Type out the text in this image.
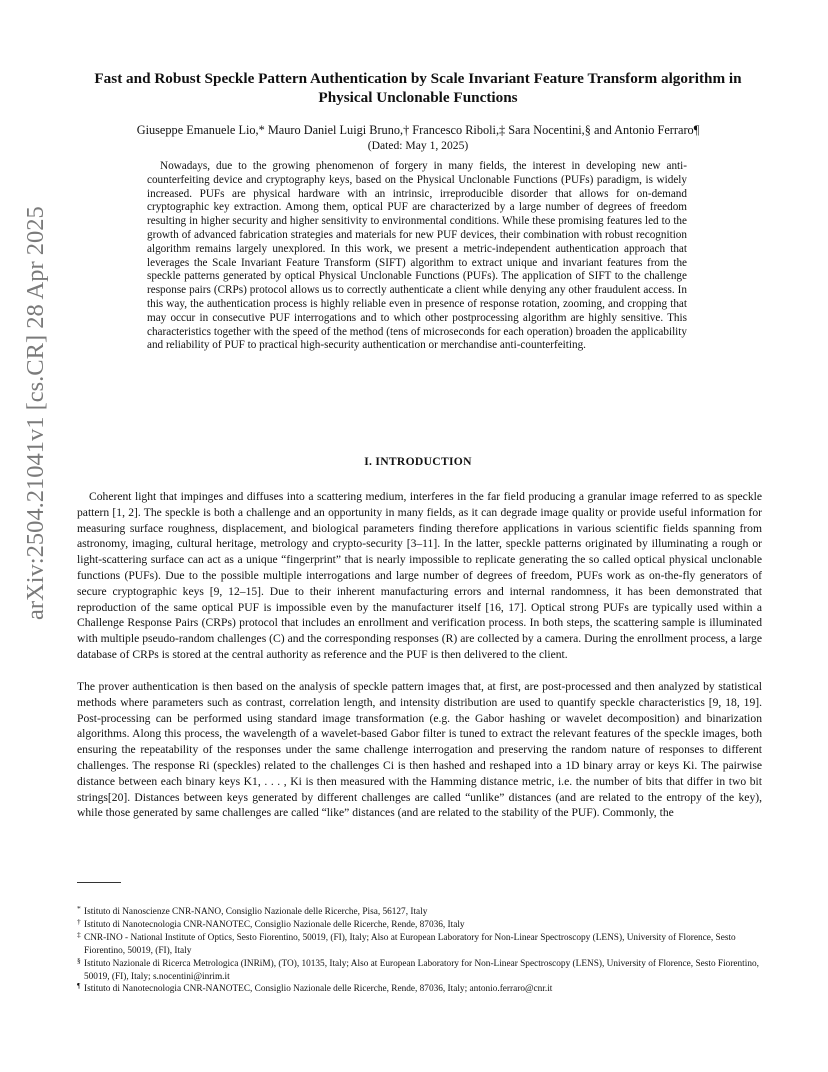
arXiv:2504.21041v1 [cs.CR] 28 Apr 2025
Fast and Robust Speckle Pattern Authentication by Scale Invariant Feature Transform algorithm in Physical Unclonable Functions
Giuseppe Emanuele Lio,* Mauro Daniel Luigi Bruno,† Francesco Riboli,‡ Sara Nocentini,§ and Antonio Ferraro¶
(Dated: May 1, 2025)

Nowadays, due to the growing phenomenon of forgery in many fields, the interest in developing new anti-counterfeiting device and cryptography keys, based on the Physical Unclonable Functions (PUFs) paradigm, is widely increased. PUFs are physical hardware with an intrinsic, irreproducible disorder that allows for on-demand cryptographic key extraction. Among them, optical PUF are characterized by a large number of degrees of freedom resulting in higher security and higher sensitivity to environmental conditions. While these promising features led to the growth of advanced fabrication strategies and materials for new PUF devices, their combination with robust recognition algorithm remains largely unexplored. In this work, we present a metric-independent authentication approach that leverages the Scale Invariant Feature Transform (SIFT) algorithm to extract unique and invariant features from the speckle patterns generated by optical Physical Unclonable Functions (PUFs). The application of SIFT to the challenge response pairs (CRPs) protocol allows us to correctly authenticate a client while denying any other fraudulent access. In this way, the authentication process is highly reliable even in presence of response rotation, zooming, and cropping that may occur in consecutive PUF interrogations and to which other postprocessing algorithm are highly sensitive. This characteristics together with the speed of the method (tens of microseconds for each operation) broaden the applicability and reliability of PUF to practical high-security authentication or merchandise anti-counterfeiting.

I. INTRODUCTION

Coherent light that impinges and diffuses into a scattering medium, interferes in the far field producing a granular image referred to as speckle pattern [1, 2]. The speckle is both a challenge and an opportunity in many fields, as it can degrade image quality or provide useful information for measuring surface roughness, displacement, and biological parameters finding therefore applications in various scientific fields spanning from astronomy, imaging, cultural heritage, metrology and crypto-security [3–11]. In the latter, speckle patterns originated by illuminating a rough or light-scattering surface can act as a unique “fingerprint” that is nearly impossible to replicate generating the so called optical physical unclonable functions (PUFs). Due to the possible multiple interrogations and large number of degrees of freedom, PUFs work as on-the-fly generators of secure cryptographic keys [9, 12–15]. Due to their inherent manufacturing errors and internal randomness, it has been demonstrated that reproduction of the same optical PUF is impossible even by the manufacturer itself [16, 17]. Optical strong PUFs are typically used within a Challenge Response Pairs (CRPs) protocol that includes an enrollment and verification process. In both steps, the scattering sample is illuminated with multiple pseudo-random challenges (C) and the corresponding responses (R) are collected by a camera. During the enrollment process, a large database of CRPs is stored at the central authority as reference and the PUF is then delivered to the client.

The prover authentication is then based on the analysis of speckle pattern images that, at first, are post-processed and then analyzed by statistical methods where parameters such as contrast, correlation length, and intensity distribution are used to quantify speckle characteristics [9, 18, 19]. Post-processing can be performed using standard image transformation (e.g. the Gabor hashing or wavelet decomposition) and binarization algorithms. Along this process, the wavelength of a wavelet-based Gabor filter is tuned to extract the relevant features of the speckle images, both ensuring the repeatability of the responses under the same challenge interrogation and preserving the random nature of responses to different challenges. The response Ri (speckles) related to the challenges Ci is then hashed and reshaped into a 1D binary array or keys Ki. The pairwise distance between each binary keys K1, . . . , Ki is then measured with the Hamming distance metric, i.e. the number of bits that differ in two bit strings[20]. Distances between keys generated by different challenges are called “unlike” distances (and are related to the entropy of the key), while those generated by same challenges are called “like” distances (and are related to the stability of the PUF). Commonly, the

* Istituto di Nanoscienze CNR-NANO, Consiglio Nazionale delle Ricerche, Pisa, 56127, Italy
† Istituto di Nanotecnologia CNR-NANOTEC, Consiglio Nazionale delle Ricerche, Rende, 87036, Italy
‡ CNR-INO - National Institute of Optics, Sesto Fiorentino, 50019, (FI), Italy; Also at European Laboratory for Non-Linear Spectroscopy (LENS), University of Florence, Sesto Fiorentino, 50019, (FI), Italy
§ Istituto Nazionale di Ricerca Metrologica (INRiM), (TO), 10135, Italy; Also at European Laboratory for Non-Linear Spectroscopy (LENS), University of Florence, Sesto Fiorentino, 50019, (FI), Italy; s.nocentini@inrim.it
¶ Istituto di Nanotecnologia CNR-NANOTEC, Consiglio Nazionale delle Ricerche, Rende, 87036, Italy; antonio.ferraro@cnr.it
